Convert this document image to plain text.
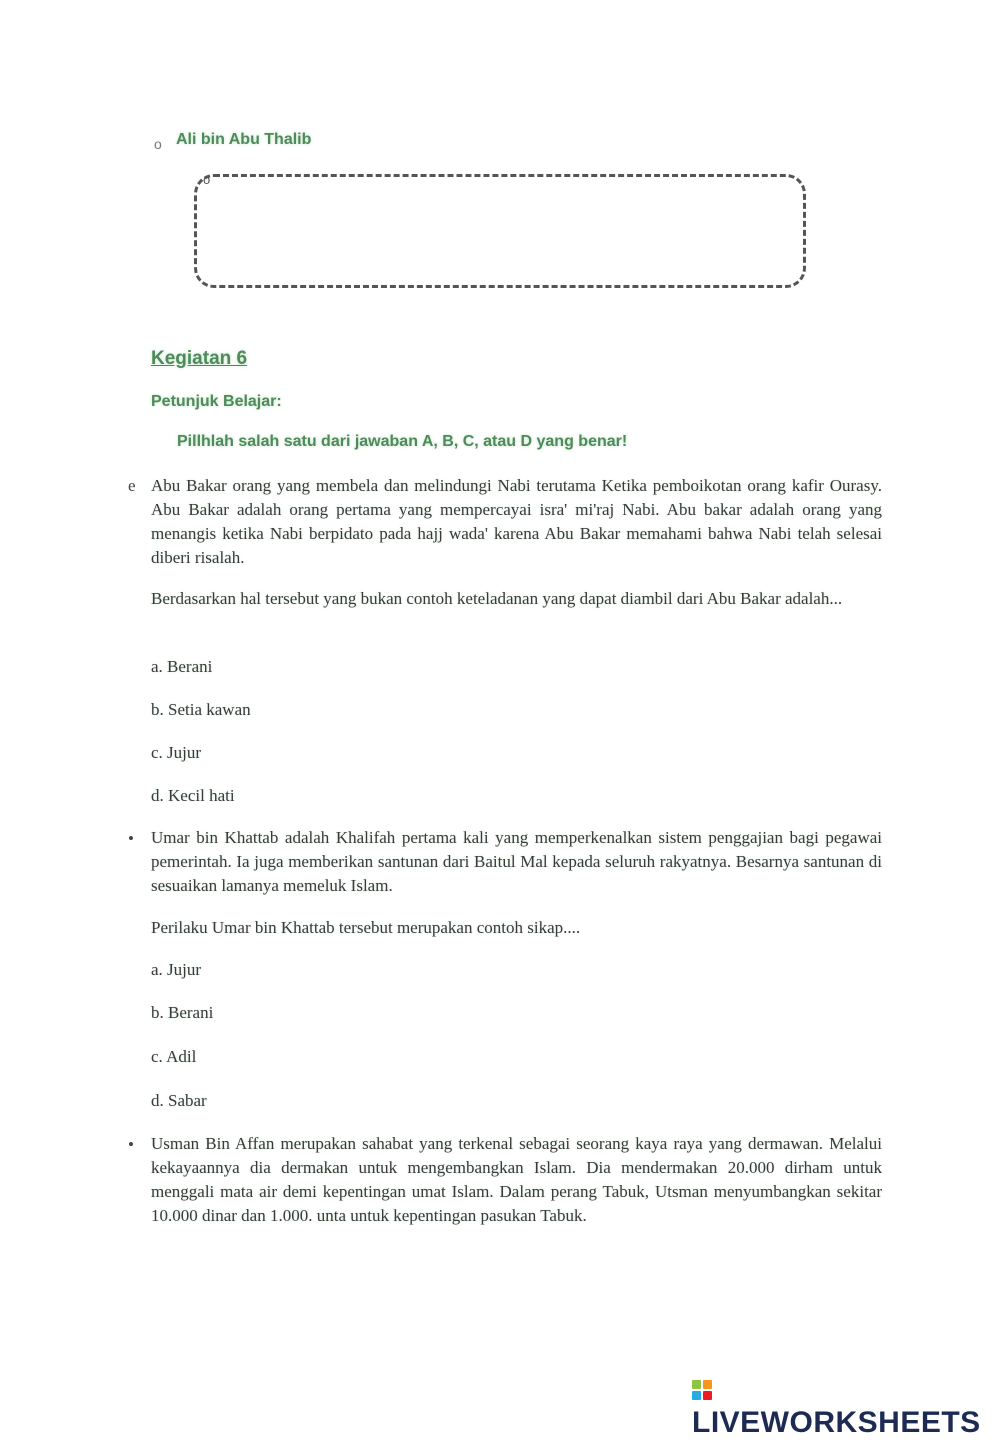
o Ali bin Abu Thalib
o
Kegiatan 6
Petunjuk Belajar:
Pillhlah salah satu dari jawaban A, B, C, atau D yang benar!
e Abu Bakar orang yang membela dan melindungi Nabi terutama Ketika pemboikotan orang kafir Ourasy. Abu Bakar adalah orang pertama yang mempercayai isra' mi'raj Nabi. Abu bakar adalah orang yang menangis ketika Nabi berpidato pada hajj wada' karena Abu Bakar memahami bahwa Nabi telah selesai diberi risalah.
Berdasarkan hal tersebut yang bukan contoh keteladanan yang dapat diambil dari Abu Bakar adalah...
a. Berani
b. Setia kawan
c. Jujur
d. Kecil hati
• Umar bin Khattab adalah Khalifah pertama kali yang memperkenalkan sistem penggajian bagi pegawai pemerintah. Ia juga memberikan santunan dari Baitul Mal kepada seluruh rakyatnya. Besarnya santunan di sesuaikan lamanya memeluk Islam.
Perilaku Umar bin Khattab tersebut merupakan contoh sikap....
a. Jujur
b. Berani
c. Adil
d. Sabar
• Usman Bin Affan merupakan sahabat yang terkenal sebagai seorang kaya raya yang dermawan. Melalui kekayaannya dia dermakan untuk mengembangkan Islam. Dia mendermakan 20.000 dirham untuk menggali mata air demi kepentingan umat Islam. Dalam perang Tabuk, Utsman menyumbangkan sekitar 10.000 dinar dan 1.000. unta untuk kepentingan pasukan Tabuk.
LIVEWORKSHEETS
